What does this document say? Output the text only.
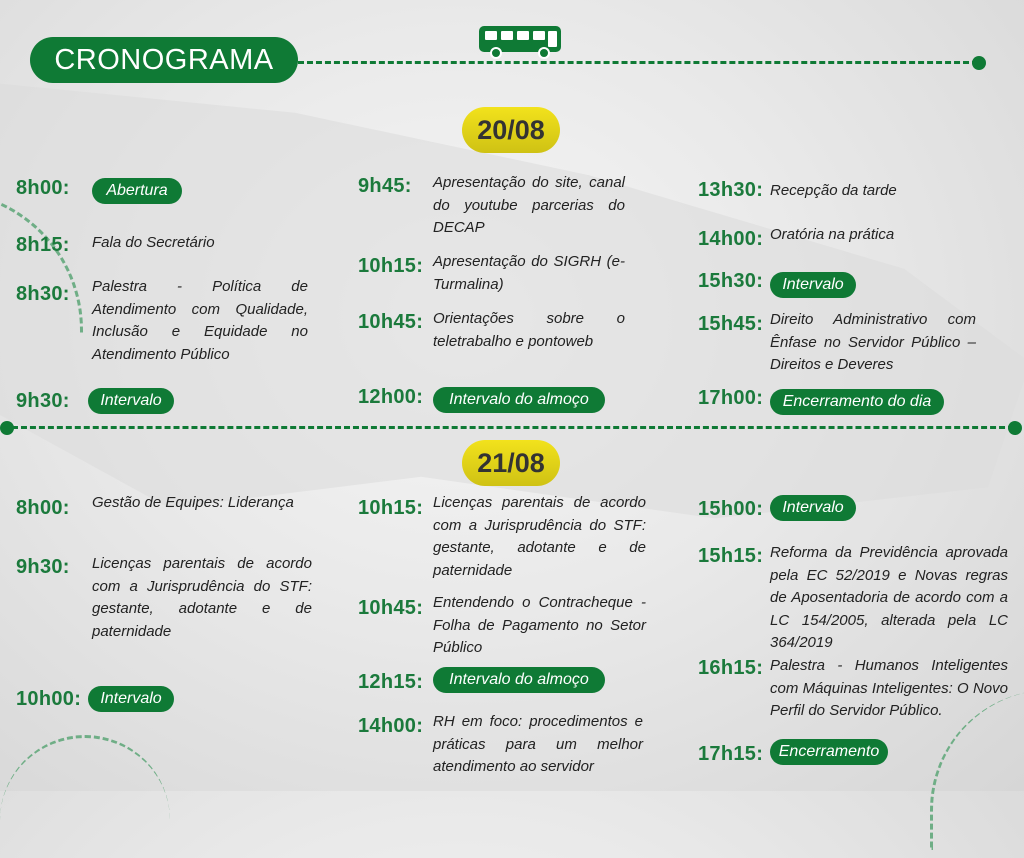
CRONOGRAMA
20/08
8h00:	Abertura
8h15: Fala do Secretário
8h30: Palestra - Política de Atendimento com Qualidade, Inclusão e Equidade no Atendimento Público
9h30:	Intervalo
9h45: Apresentação do site, canal do youtube parcerias do DECAP
10h15: Apresentação do SIGRH (e-Turmalina)
10h45: Orientações sobre o teletrabalho e pontoweb
12h00:	Intervalo do almoço
13h30: Recepção da tarde
14h00: Oratória na prática
15h30:	Intervalo
15h45: Direito Administrativo com Ênfase no Servidor Público – Direitos e Deveres
17h00:	Encerramento do dia
21/08
8h00: Gestão de Equipes: Liderança
9h30: Licenças parentais de acordo com a Jurisprudência do STF: gestante, adotante e de paternidade
10h00:	Intervalo
10h15: Licenças parentais de acordo com a Jurisprudência do STF: gestante, adotante e de paternidade
10h45: Entendendo o Contracheque - Folha de Pagamento no Setor Público
12h15:	Intervalo do almoço
14h00: RH em foco: procedimentos e práticas para um melhor atendimento ao servidor
15h00:	Intervalo
15h15: Reforma da Previdência aprovada pela EC 52/2019 e Novas regras de Aposentadoria de acordo com a LC 154/2005, alterada pela LC 364/2019
16h15: Palestra - Humanos Inteligentes com Máquinas Inteligentes: O Novo Perfil do Servidor Público.
17h15: Encerramento
